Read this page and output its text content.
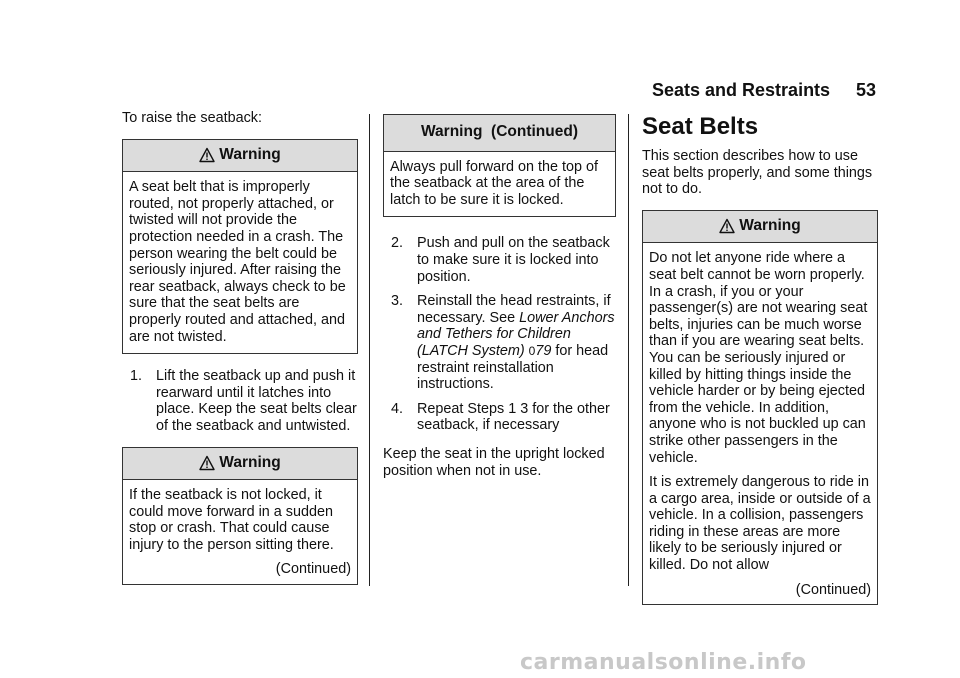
Seats and Restraints 53

To raise the seatback:

Warning

A seat belt that is improperly routed, not properly attached, or twisted will not provide the protection needed in a crash. The person wearing the belt could be seriously injured. After raising the rear seatback, always check to be sure that the seat belts are properly routed and attached, and are not twisted.

1. Lift the seatback up and push it rearward until it latches into place. Keep the seat belts clear of the seatback and untwisted.
Warning

If the seatback is not locked, it could move forward in a sudden stop or crash. That could cause injury to the person sitting there.

(Continued)
Warning  (Continued)

Always pull forward on the top of the seatback at the area of the latch to be sure it is locked.

2. Push and pull on the seatback to make sure it is locked into position.
3. Reinstall the head restraints, if necessary. See Lower Anchors and Tethers for Children (LATCH System) 079 for head restraint reinstallation instructions.
4. Repeat Steps 1 3 for the other seatback, if necessary

Keep the seat in the upright locked position when not in use.

Seat Belts

This section describes how to use seat belts properly, and some things not to do.

Warning

Do not let anyone ride where a seat belt cannot be worn properly. In a crash, if you or your passenger(s) are not wearing seat belts, injuries can be much worse than if you are wearing seat belts. You can be seriously injured or killed by hitting things inside the vehicle harder or by being ejected from the vehicle. In addition, anyone who is not buckled up can strike other passengers in the vehicle.

It is extremely dangerous to ride in a cargo area, inside or outside of a vehicle. In a collision, passengers riding in these areas are more likely to be seriously injured or killed. Do not allow

(Continued)
carmanualsonline.info
